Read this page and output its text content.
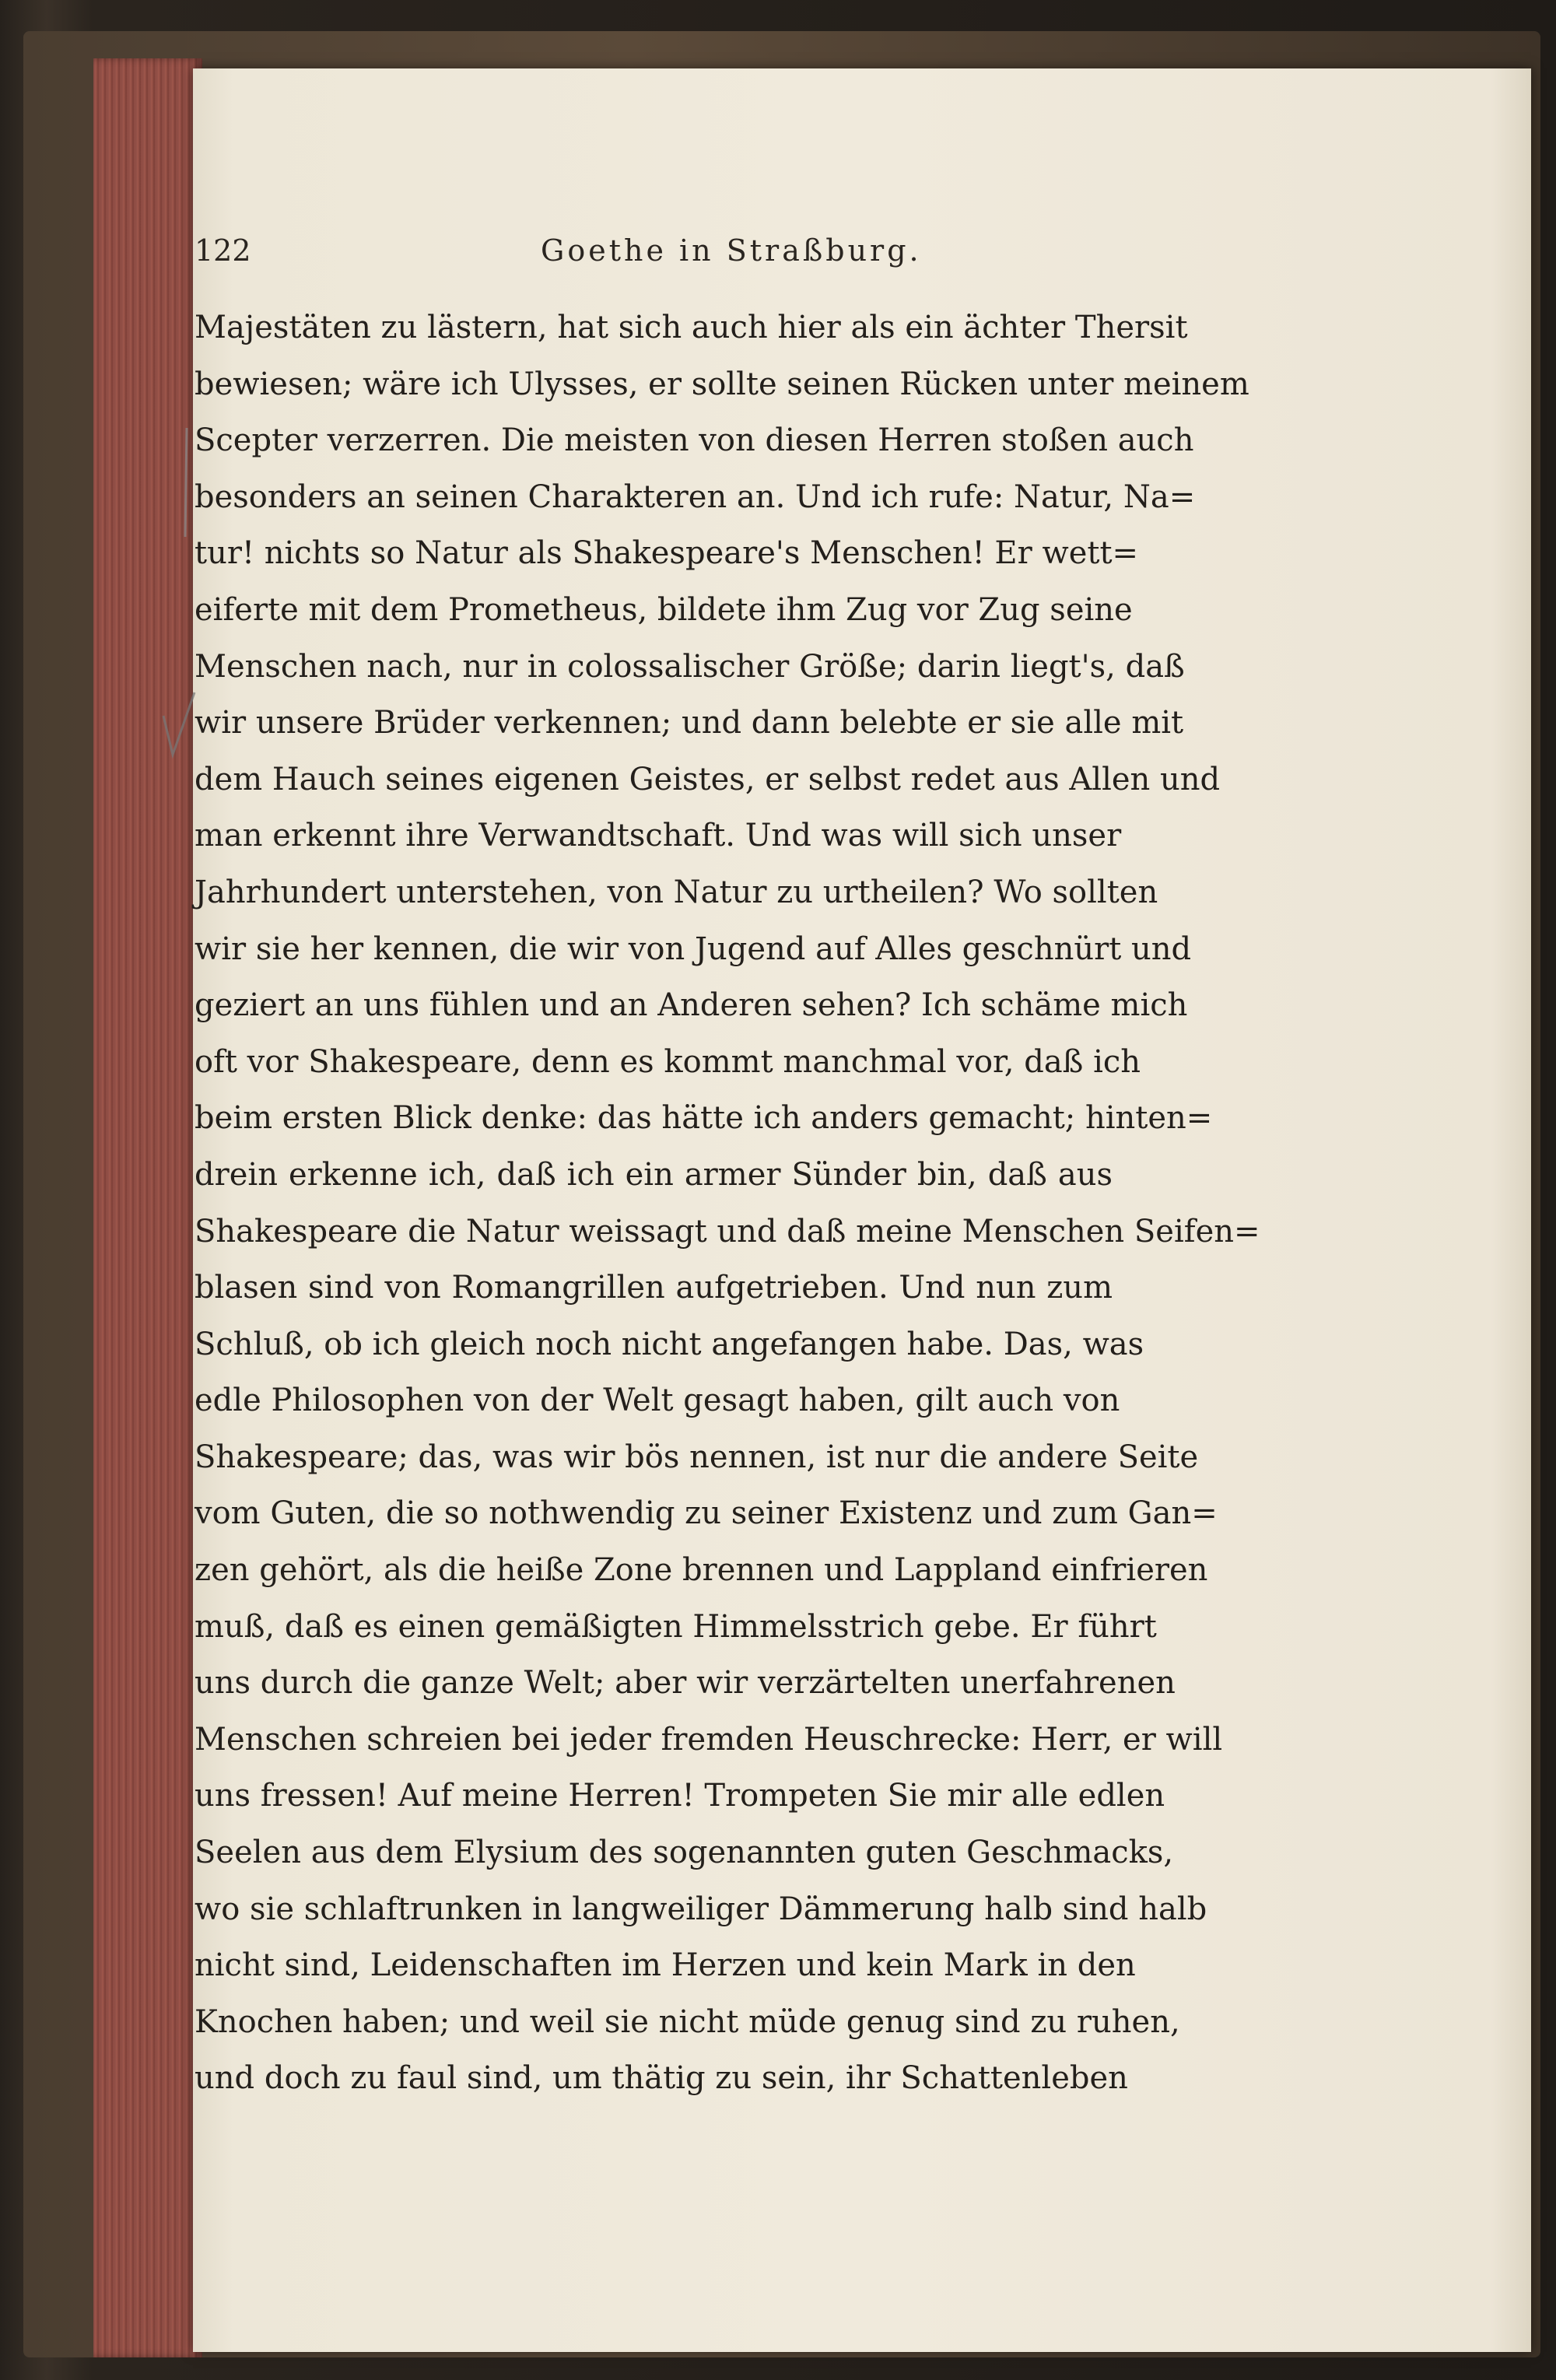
122	Goethe in Straßburg.
Majestäten zu lästern, hat sich auch hier als ein ächter Thersit
bewiesen; wäre ich Ulysses, er sollte seinen Rücken unter meinem
Scepter verzerren. Die meisten von diesen Herren stoßen auch
besonders an seinen Charakteren an. Und ich rufe: Natur, Na=
tur! nichts so Natur als Shakespeare's Menschen! Er wett=
eiferte mit dem Prometheus, bildete ihm Zug vor Zug seine
Menschen nach, nur in colossalischer Größe; darin liegt's, daß
wir unsere Brüder verkennen; und dann belebte er sie alle mit
dem Hauch seines eigenen Geistes, er selbst redet aus Allen und
man erkennt ihre Verwandtschaft. Und was will sich unser
Jahrhundert unterstehen, von Natur zu urtheilen? Wo sollten
wir sie her kennen, die wir von Jugend auf Alles geschnürt und
geziert an uns fühlen und an Anderen sehen? Ich schäme mich
oft vor Shakespeare, denn es kommt manchmal vor, daß ich
beim ersten Blick denke: das hätte ich anders gemacht; hinten=
drein erkenne ich, daß ich ein armer Sünder bin, daß aus
Shakespeare die Natur weissagt und daß meine Menschen Seifen=
blasen sind von Romangrillen aufgetrieben. Und nun zum
Schluß, ob ich gleich noch nicht angefangen habe. Das, was
edle Philosophen von der Welt gesagt haben, gilt auch von
Shakespeare; das, was wir bös nennen, ist nur die andere Seite
vom Guten, die so nothwendig zu seiner Existenz und zum Gan=
zen gehört, als die heiße Zone brennen und Lappland einfrieren
muß, daß es einen gemäßigten Himmelsstrich gebe. Er führt
uns durch die ganze Welt; aber wir verzärtelten unerfahrenen
Menschen schreien bei jeder fremden Heuschrecke: Herr, er will
uns fressen! Auf meine Herren! Trompeten Sie mir alle edlen
Seelen aus dem Elysium des sogenannten guten Geschmacks,
wo sie schlaftrunken in langweiliger Dämmerung halb sind halb
nicht sind, Leidenschaften im Herzen und kein Mark in den
Knochen haben; und weil sie nicht müde genug sind zu ruhen,
und doch zu faul sind, um thätig zu sein, ihr Schattenleben
